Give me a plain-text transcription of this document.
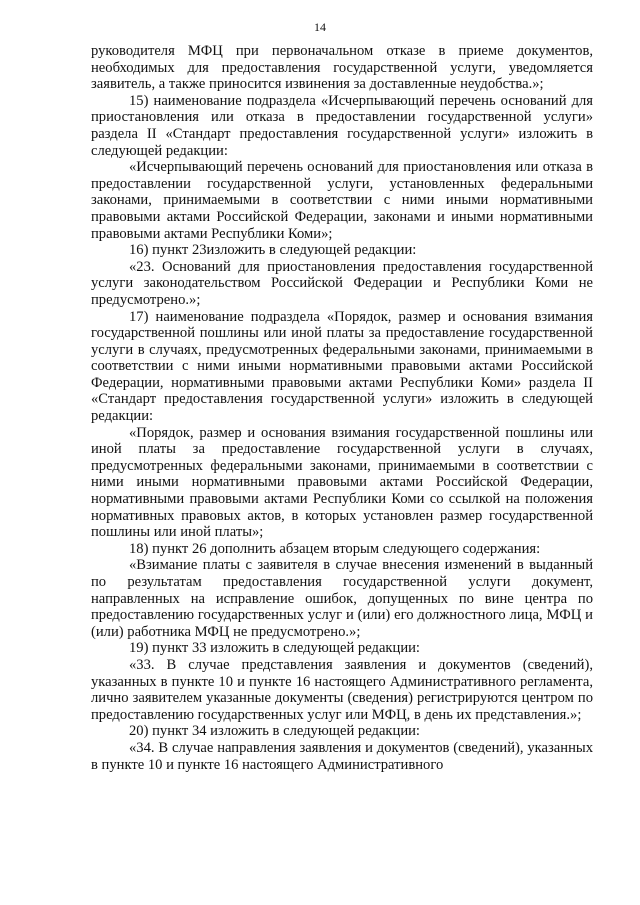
14

руководителя МФЦ при первоначальном отказе в приеме документов, необходимых для предоставления государственной услуги, уведомляется заявитель, а также приносится извинения за доставленные неудобства.»;

15) наименование подраздела «Исчерпывающий перечень оснований для приостановления или отказа в предоставлении государственной услуги» раздела II «Стандарт предоставления государственной услуги» изложить в следующей редакции:

«Исчерпывающий перечень оснований для приостановления или отказа в предоставлении государственной услуги, установленных федеральными законами, принимаемыми в соответствии с ними иными нормативными правовыми актами Российской Федерации, законами и иными нормативными правовыми актами Республики Коми»;

16) пункт 23изложить в следующей редакции:

«23. Оснований для приостановления предоставления государственной услуги законодательством Российской Федерации и Республики Коми не предусмотрено.»;

17) наименование подраздела «Порядок, размер и основания взимания государственной пошлины или иной платы за предоставление государственной услуги в случаях, предусмотренных федеральными законами, принимаемыми в соответствии с ними иными нормативными правовыми актами Российской Федерации, нормативными правовыми актами Республики Коми» раздела II «Стандарт предоставления государственной услуги» изложить в следующей редакции:

«Порядок, размер и основания взимания государственной пошлины или иной платы за предоставление государственной услуги в случаях, предусмотренных федеральными законами, принимаемыми в соответствии с ними иными нормативными правовыми актами Российской Федерации, нормативными правовыми актами Республики Коми со ссылкой на положения нормативных правовых актов, в которых установлен размер государственной пошлины или иной платы»;

18) пункт 26 дополнить абзацем вторым следующего содержания:

«Взимание платы с заявителя в случае внесения изменений в выданный по результатам предоставления государственной услуги документ, направленных на исправление ошибок, допущенных по вине центра по предоставлению государственных услуг и (или) его должностного лица, МФЦ и (или) работника МФЦ не предусмотрено.»;

19) пункт 33 изложить в следующей редакции:

«33. В случае представления заявления и документов (сведений), указанных в пункте 10 и пункте 16 настоящего Административного регламента, лично заявителем указанные документы (сведения) регистрируются центром по предоставлению государственных услуг или МФЦ, в день их представления.»;

20) пункт 34 изложить в следующей редакции:

«34. В случае направления заявления и документов (сведений), указанных в пункте 10 и пункте 16 настоящего Административного
